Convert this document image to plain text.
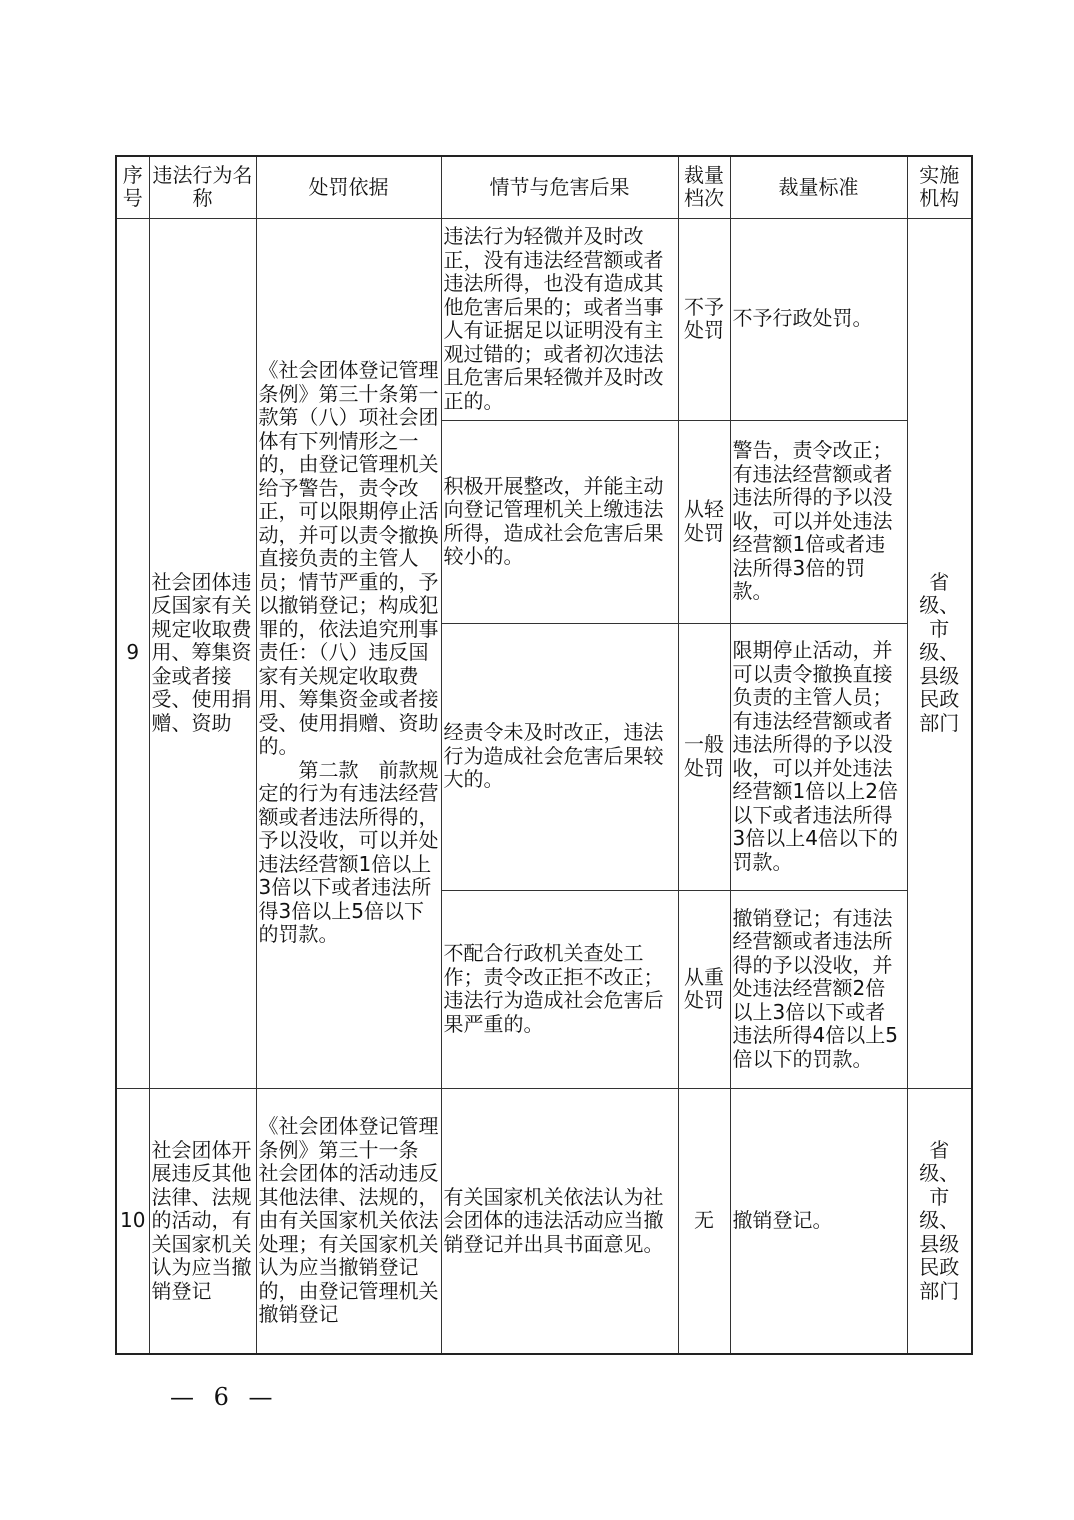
序号	违法行为名称	处罚依据	情节与危害后果	裁量档次	裁量标准	实施机构
9	社会团体违反国家有关规定收取费用、筹集资金或者接受、使用捐赠、资助	《社会团体登记管理条例》第三十条第一款第（八）项社会团体有下列情形之一的，由登记管理机关给予警告，责令改正，可以限期停止活动，并可以责令撤换直接负责的主管人员；情节严重的，予以撤销登记；构成犯罪的，依法追究刑事责任：（八）违反国家有关规定收取费用、筹集资金或者接受、使用捐赠、资助的。
　　第二款　前款规定的行为有违法经营额或者违法所得的，予以没收，可以并处违法经营额1倍以上3倍以下或者违法所得3倍以上5倍以下的罚款。	违法行为轻微并及时改正，没有违法经营额或者违法所得，也没有造成其他危害后果的；或者当事人有证据足以证明没有主观过错的；或者初次违法且危害后果轻微并及时改正的。	不予处罚	不予行政处罚。	省级、市级、县级民政部门
			积极开展整改，并能主动向登记管理机关上缴违法所得，造成社会危害后果较小的。	从轻处罚	警告，责令改正；有违法经营额或者违法所得的予以没收，可以并处违法经营额1倍或者违法所得3倍的罚款。	
			经责令未及时改正，违法行为造成社会危害后果较大的。	一般处罚	限期停止活动，并可以责令撤换直接负责的主管人员；有违法经营额或者违法所得的予以没收，可以并处违法经营额1倍以上2倍以下或者违法所得3倍以上4倍以下的罚款。	
			不配合行政机关查处工作；责令改正拒不改正；违法行为造成社会危害后果严重的。	从重处罚	撤销登记；有违法经营额或者违法所得的予以没收，并处违法经营额2倍以上3倍以下或者违法所得4倍以上5倍以下的罚款。	
10	社会团体开展违反其他法律、法规的活动，有关国家机关认为应当撤销登记	《社会团体登记管理条例》第三十一条　社会团体的活动违反其他法律、法规的，由有关国家机关依法处理；有关国家机关认为应当撤销登记的，由登记管理机关撤销登记	有关国家机关依法认为社会团体的违法活动应当撤销登记并出具书面意见。	无	撤销登记。	省级、市级、县级民政部门
— 6 —
